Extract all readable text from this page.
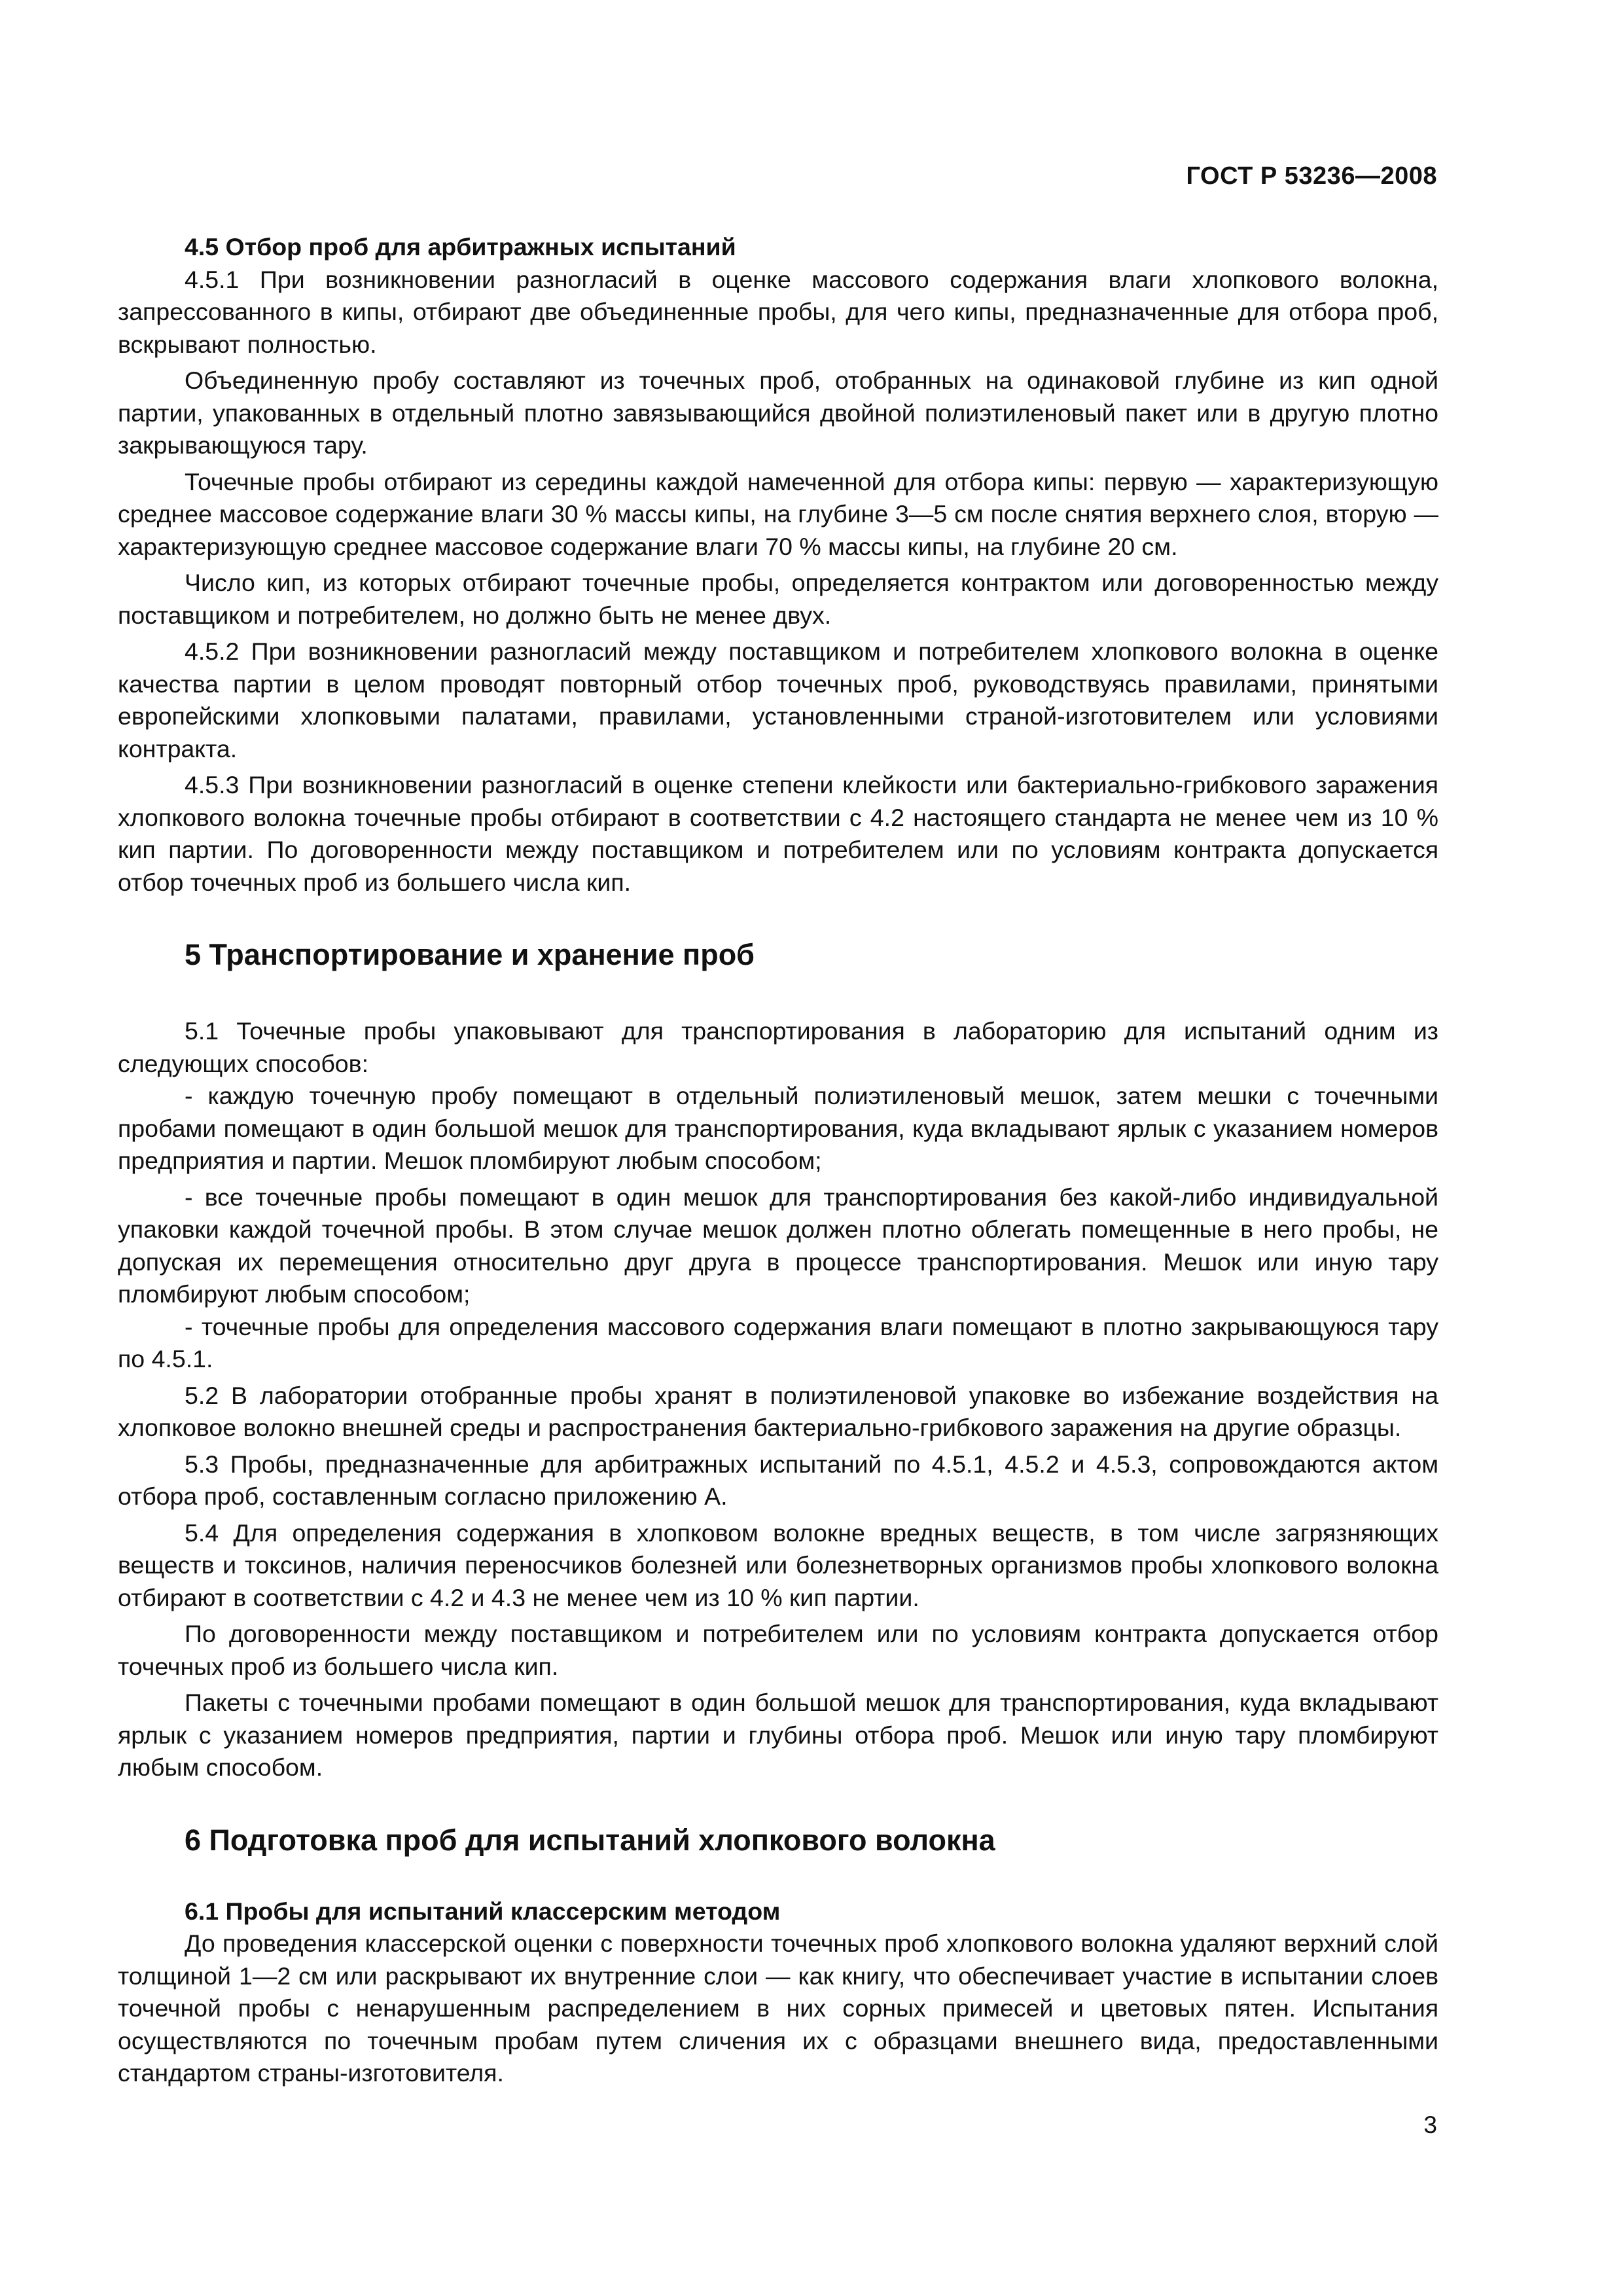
ГОСТ Р 53236—2008

4.5 Отбор проб для арбитражных испытаний

4.5.1 При возникновении разногласий в оценке массового содержания влаги хлопкового волокна, запрессованного в кипы, отбирают две объединенные пробы, для чего кипы, предназначенные для отбора проб, вскрывают полностью.

Объединенную пробу составляют из точечных проб, отобранных на одинаковой глубине из кип одной партии, упакованных в отдельный плотно завязывающийся двойной полиэтиленовый пакет или в другую плотно закрывающуюся тару.

Точечные пробы отбирают из середины каждой намеченной для отбора кипы: первую — характеризующую среднее массовое содержание влаги 30 % массы кипы, на глубине 3—5 см после снятия верхнего слоя, вторую — характеризующую среднее массовое содержание влаги 70 % массы кипы, на глубине 20 см.

Число кип, из которых отбирают точечные пробы, определяется контрактом или договоренностью между поставщиком и потребителем, но должно быть не менее двух.

4.5.2 При возникновении разногласий между поставщиком и потребителем хлопкового волокна в оценке качества партии в целом проводят повторный отбор точечных проб, руководствуясь правилами, принятыми европейскими хлопковыми палатами, правилами, установленными страной-изготовителем или условиями контракта.

4.5.3 При возникновении разногласий в оценке степени клейкости или бактериально-грибкового заражения хлопкового волокна точечные пробы отбирают в соответствии с 4.2 настоящего стандарта не менее чем из 10 % кип партии. По договоренности между поставщиком и потребителем или по условиям контракта допускается отбор точечных проб из большего числа кип.

5 Транспортирование и хранение проб

5.1 Точечные пробы упаковывают для транспортирования в лабораторию для испытаний одним из следующих способов:

- каждую точечную пробу помещают в отдельный полиэтиленовый мешок, затем мешки с точечными пробами помещают в один большой мешок для транспортирования, куда вкладывают ярлык с указанием номеров предприятия и партии. Мешок пломбируют любым способом;

- все точечные пробы помещают в один мешок для транспортирования без какой-либо индивидуальной упаковки каждой точечной пробы. В этом случае мешок должен плотно облегать помещенные в него пробы, не допуская их перемещения относительно друг друга в процессе транспортирования. Мешок или иную тару пломбируют любым способом;

- точечные пробы для определения массового содержания влаги помещают в плотно закрывающуюся тару по 4.5.1.

5.2 В лаборатории отобранные пробы хранят в полиэтиленовой упаковке во избежание воздействия на хлопковое волокно внешней среды и распространения бактериально-грибкового заражения на другие образцы.

5.3 Пробы, предназначенные для арбитражных испытаний по 4.5.1, 4.5.2 и 4.5.3, сопровождаются актом отбора проб, составленным согласно приложению А.

5.4 Для определения содержания в хлопковом волокне вредных веществ, в том числе загрязняющих веществ и токсинов, наличия переносчиков болезней или болезнетворных организмов пробы хлопкового волокна отбирают в соответствии с 4.2 и 4.3 не менее чем из 10 % кип партии.

По договоренности между поставщиком и потребителем или по условиям контракта допускается отбор точечных проб из большего числа кип.

Пакеты с точечными пробами помещают в один большой мешок для транспортирования, куда вкладывают ярлык с указанием номеров предприятия, партии и глубины отбора проб. Мешок или иную тару пломбируют любым способом.

6 Подготовка проб для испытаний хлопкового волокна

6.1 Пробы для испытаний классерским методом

До проведения классерской оценки с поверхности точечных проб хлопкового волокна удаляют верхний слой толщиной 1—2 см или раскрывают их внутренние слои — как книгу, что обеспечивает участие в испытании слоев точечной пробы с ненарушенным распределением в них сорных примесей и цветовых пятен. Испытания осуществляются по точечным пробам путем сличения их с образцами внешнего вида, предоставленными стандартом страны-изготовителя.

3
